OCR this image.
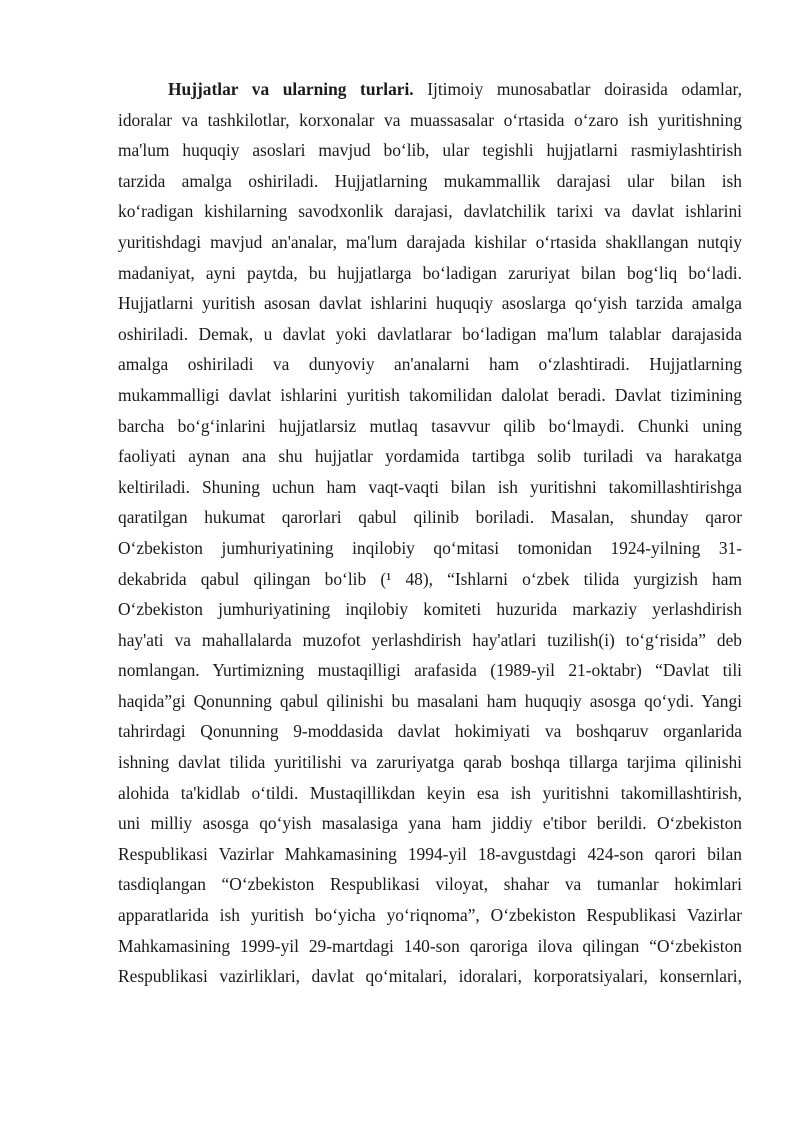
Hujjatlar va ularning turlari. Ijtimoiy munosabatlar doirasida odamlar,
idoralar va tashkilotlar, korxonalar va muassasalar o‘rtasida o‘zaro ish yuritishning
ma'lum huquqiy asoslari mavjud bo‘lib, ular tegishli hujjatlarni rasmiylashtirish
tarzida amalga oshiriladi. Hujjatlarning mukammallik darajasi ular bilan ish
ko‘radigan kishilarning savodxonlik darajasi, davlatchilik tarixi va davlat ishlarini
yuritishdagi mavjud an'analar, ma'lum darajada kishilar o‘rtasida shakllangan nutqiy
madaniyat, ayni paytda, bu hujjatlarga bo‘ladigan zaruriyat bilan bog‘liq bo‘ladi.
Hujjatlarni yuritish asosan davlat ishlarini huquqiy asoslarga qo‘yish tarzida amalga
oshiriladi. Demak, u davlat yoki davlatlarar bo‘ladigan ma'lum talablar darajasida
amalga oshiriladi va dunyoviy an'analarni ham o‘zlashtiradi. Hujjatlarning
mukammalligi davlat ishlarini yuritish takomilidan dalolat beradi. Davlat tizimining
barcha bo‘g‘inlarini hujjatlarsiz mutlaq tasavvur qilib bo‘lmaydi. Chunki uning
faoliyati aynan ana shu hujjatlar yordamida tartibga solib turiladi va harakatga
keltiriladi. Shuning uchun ham vaqt-vaqti bilan ish yuritishni takomillashtirishga
qaratilgan hukumat qarorlari qabul qilinib boriladi. Masalan, shunday qaror
O‘zbekiston jumhuriyatining inqilobiy qo‘mitasi tomonidan 1924-yilning 31-
dekabrida qabul qilingan bo‘lib (¹ 48), “Ishlarni o‘zbek tilida yurgizish ham
O‘zbekiston jumhuriyatining inqilobiy komiteti huzurida markaziy yerlashdirish
hay'ati va mahallalarda muzofot yerlashdirish hay'atlari tuzilish(i) to‘g‘risida” deb
nomlangan. Yurtimizning mustaqilligi arafasida (1989-yil 21-oktabr) “Davlat tili
haqida”gi Qonunning qabul qilinishi bu masalani ham huquqiy asosga qo‘ydi. Yangi
tahrirdagi Qonunning 9-moddasida davlat hokimiyati va boshqaruv organlarida
ishning davlat tilida yuritilishi va zaruriyatga qarab boshqa tillarga tarjima qilinishi
alohida ta'kidlab o‘tildi. Mustaqillikdan keyin esa ish yuritishni takomillashtirish,
uni milliy asosga qo‘yish masalasiga yana ham jiddiy e'tibor berildi. O‘zbekiston
Respublikasi Vazirlar Mahkamasining 1994-yil 18-avgustdagi 424-son qarori bilan
tasdiqlangan “O‘zbekiston Respublikasi viloyat, shahar va tumanlar hokimlari
apparatlarida ish yuritish bo‘yicha yo‘riqnoma”, O‘zbekiston Respublikasi Vazirlar
Mahkamasining 1999-yil 29-martdagi 140-son qaroriga ilova qilingan “O‘zbekiston
Respublikasi vazirliklari, davlat qo‘mitalari, idoralari, korporatsiyalari, konsernlari,
